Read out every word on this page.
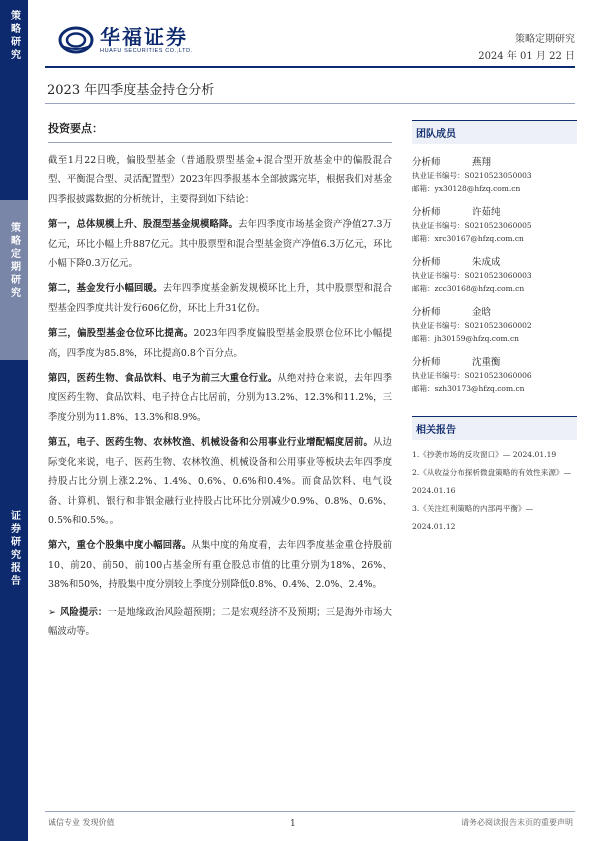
策略研究
策略定期研究
证券研究报告
华福证券
HUAFU SECURITIES CO.,LTD.
策略定期研究
2024 年 01 月 22 日
2023 年四季度基金持仓分析
投资要点：

截至1月22日晚，偏股型基金（普通股票型基金+混合型开放基金中的偏股混合型、平衡混合型、灵活配置型）2023年四季报基本全部披露完毕，根据我们对基金四季报披露数据的分析统计，主要得到如下结论：

第一，总体规模上升、股混型基金规模略降。去年四季度市场基金资产净值27.3万亿元，环比小幅上升887亿元。其中股票型和混合型基金资产净值6.3万亿元，环比小幅下降0.3万亿元。

第二，基金发行小幅回暖。去年四季度基金新发规模环比上升，其中股票型和混合型基金四季度共计发行606亿份，环比上升31亿份。

第三，偏股型基金仓位环比提高。2023年四季度偏股型基金股票仓位环比小幅提高，四季度为85.8%，环比提高0.8个百分点。

第四，医药生物、食品饮料、电子为前三大重仓行业。从绝对持仓来说，去年四季度医药生物、食品饮料、电子持仓占比居前，分别为13.2%、12.3%和11.2%，三季度分别为11.8%、13.3%和8.9%。

第五，电子、医药生物、农林牧渔、机械设备和公用事业行业增配幅度居前。从边际变化来说，电子、医药生物、农林牧渔、机械设备和公用事业等板块去年四季度持股占比分别上涨2.2%、1.4%、0.6%、0.6%和0.4%。而食品饮料、电气设备、计算机、银行和非银金融行业持股占比环比分别减少0.9%、0.8%、0.6%、0.5%和0.5%。。

第六，重仓个股集中度小幅回落。从集中度的角度看，去年四季度基金重仓持股前10、前20、前50、前100占基金所有重仓股总市值的比重分别为18%、26%、38%和50%，持股集中度分别较上季度分别降低0.8%、0.4%、2.0%、2.4%。

➢ 风险提示：一是地缘政治风险超预期；二是宏观经济不及预期；三是海外市场大幅波动等。

团队成员
分析师	燕翔
执业证书编号：S0210523050003
邮箱：yx30128@hfzq.com.cn
分析师	许茹纯
执业证书编号：S0210523060005
邮箱：xrc30167@hfzq.com.cn
分析师	朱成成
执业证书编号：S0210523060003
邮箱：zcc30168@hfzq.com.cn
分析师	金晗
执业证书编号：S0210523060002
邮箱：jh30159@hfzq.com.cn
分析师	沈重衡
执业证书编号：S0210523060006
邮箱：szh30173@hfzq.com.cn
相关报告
1.《抄袭市场的反攻窗口》— 2024.01.19
2.《从收益分布探析微盘策略的有效性来源》—
2024.01.16
3.《关注红利策略的内部再平衡》— 2024.01.12
诚信专业 发现价值	1	请务必阅读报告末页的重要声明
